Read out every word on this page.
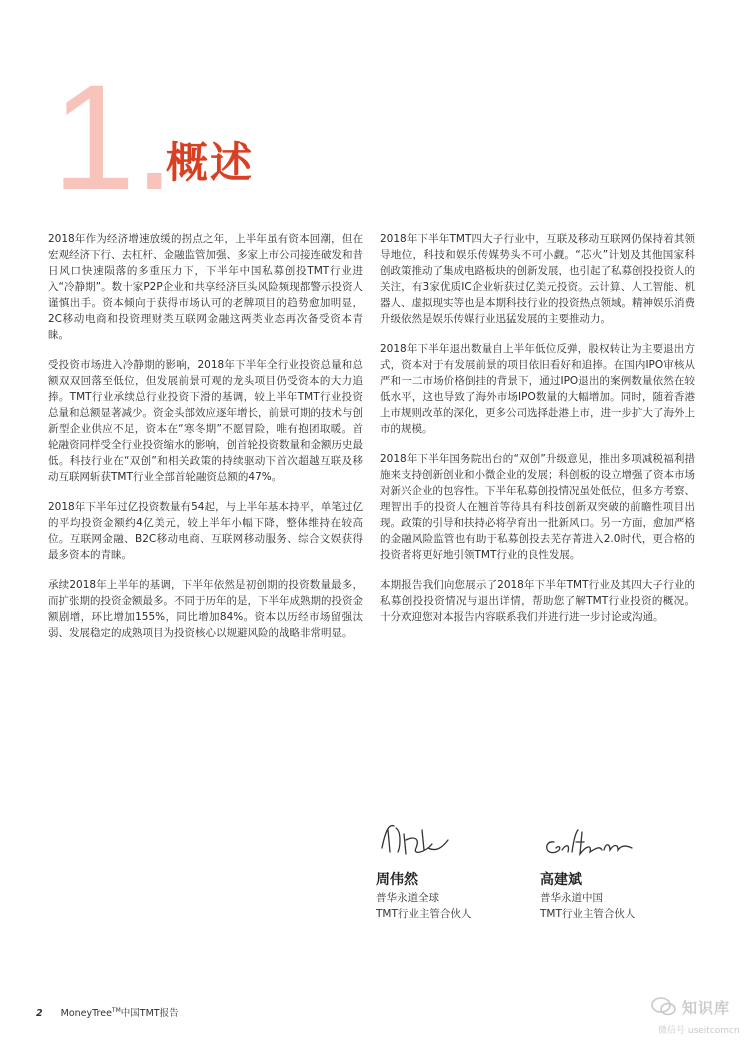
1.
概述

2018年作为经济增速放缓的拐点之年，上半年虽有资本回潮，但在宏观经济下行、去杠杆、金融监管加强、多家上市公司接连破发和昔日风口快速陨落的多重压力下，下半年中国私募创投TMT行业进入“冷静期”。数十家P2P企业和共享经济巨头风险频现都警示投资人谨慎出手。资本倾向于获得市场认可的老牌项目的趋势愈加明显，2C移动电商和投资理财类互联网金融这两类业态再次备受资本青睐。

受投资市场进入冷静期的影响，2018年下半年全行业投资总量和总额双双回落至低位，但发展前景可观的龙头项目仍受资本的大力追捧。TMT行业承续总行业投资下滑的基调，较上半年TMT行业投资总量和总额显著减少。资金头部效应逐年增长，前景可期的技术与创新型企业供应不足，资本在“寒冬期”不愿冒险，唯有抱团取暖。首轮融资同样受全行业投资缩水的影响，创首轮投资数量和金额历史最低。科技行业在“双创”和相关政策的持续驱动下首次超越互联及移动互联网斩获TMT行业全部首轮融资总额的47%。

2018年下半年过亿投资数量有54起，与上半年基本持平，单笔过亿的平均投资金额约4亿美元，较上半年小幅下降，整体维持在较高位。互联网金融、B2C移动电商、互联网移动服务、综合文娱获得最多资本的青睐。

承续2018年上半年的基调，下半年依然是初创期的投资数量最多，而扩张期的投资金额最多。不同于历年的是，下半年成熟期的投资金额剧增，环比增加155%，同比增加84%。资本以历经市场留强汰弱、发展稳定的成熟项目为投资核心以规避风险的战略非常明显。

2018年下半年TMT四大子行业中，互联及移动互联网仍保持着其领导地位，科技和娱乐传媒势头不可小觑。“芯火”计划及其他国家科创政策推动了集成电路板块的创新发展，也引起了私募创投投资人的关注，有3家优质IC企业斩获过亿美元投资。云计算、人工智能、机器人、虚拟现实等也是本期科技行业的投资热点领域。精神娱乐消费升级依然是娱乐传媒行业迅猛发展的主要推动力。

2018年下半年退出数量自上半年低位反弹，股权转让为主要退出方式，资本对于有发展前景的项目依旧看好和追捧。在国内IPO审核从严和一二市场价格倒挂的背景下，通过IPO退出的案例数量依然在较低水平，这也导致了海外市场IPO数量的大幅增加。同时，随着香港上市规则改革的深化，更多公司选择赴港上市，进一步扩大了海外上市的规模。

2018年下半年国务院出台的“双创”升级意见，推出多项减税福利措施来支持创新创业和小微企业的发展；科创板的设立增强了资本市场对新兴企业的包容性。下半年私募创投情况虽处低位，但多方考察、理智出手的投资人在翘首等待具有科技创新双突破的前瞻性项目出现。政策的引导和扶持必将孕育出一批新风口。另一方面，愈加严格的金融风险监管也有助于私募创投去芜存菁进入2.0时代，更合格的投资者将更好地引领TMT行业的良性发展。

本期报告我们向您展示了2018年下半年TMT行业及其四大子行业的私募创投投资情况与退出详情，帮助您了解TMT行业投资的概况。十分欢迎您对本报告内容联系我们并进行进一步讨论或沟通。

周伟然
普华永道全球
TMT行业主管合伙人
高建斌
普华永道中国
TMT行业主管合伙人
2 MoneyTree™中国TMT报告	知识库
微信号 useitcomcn
